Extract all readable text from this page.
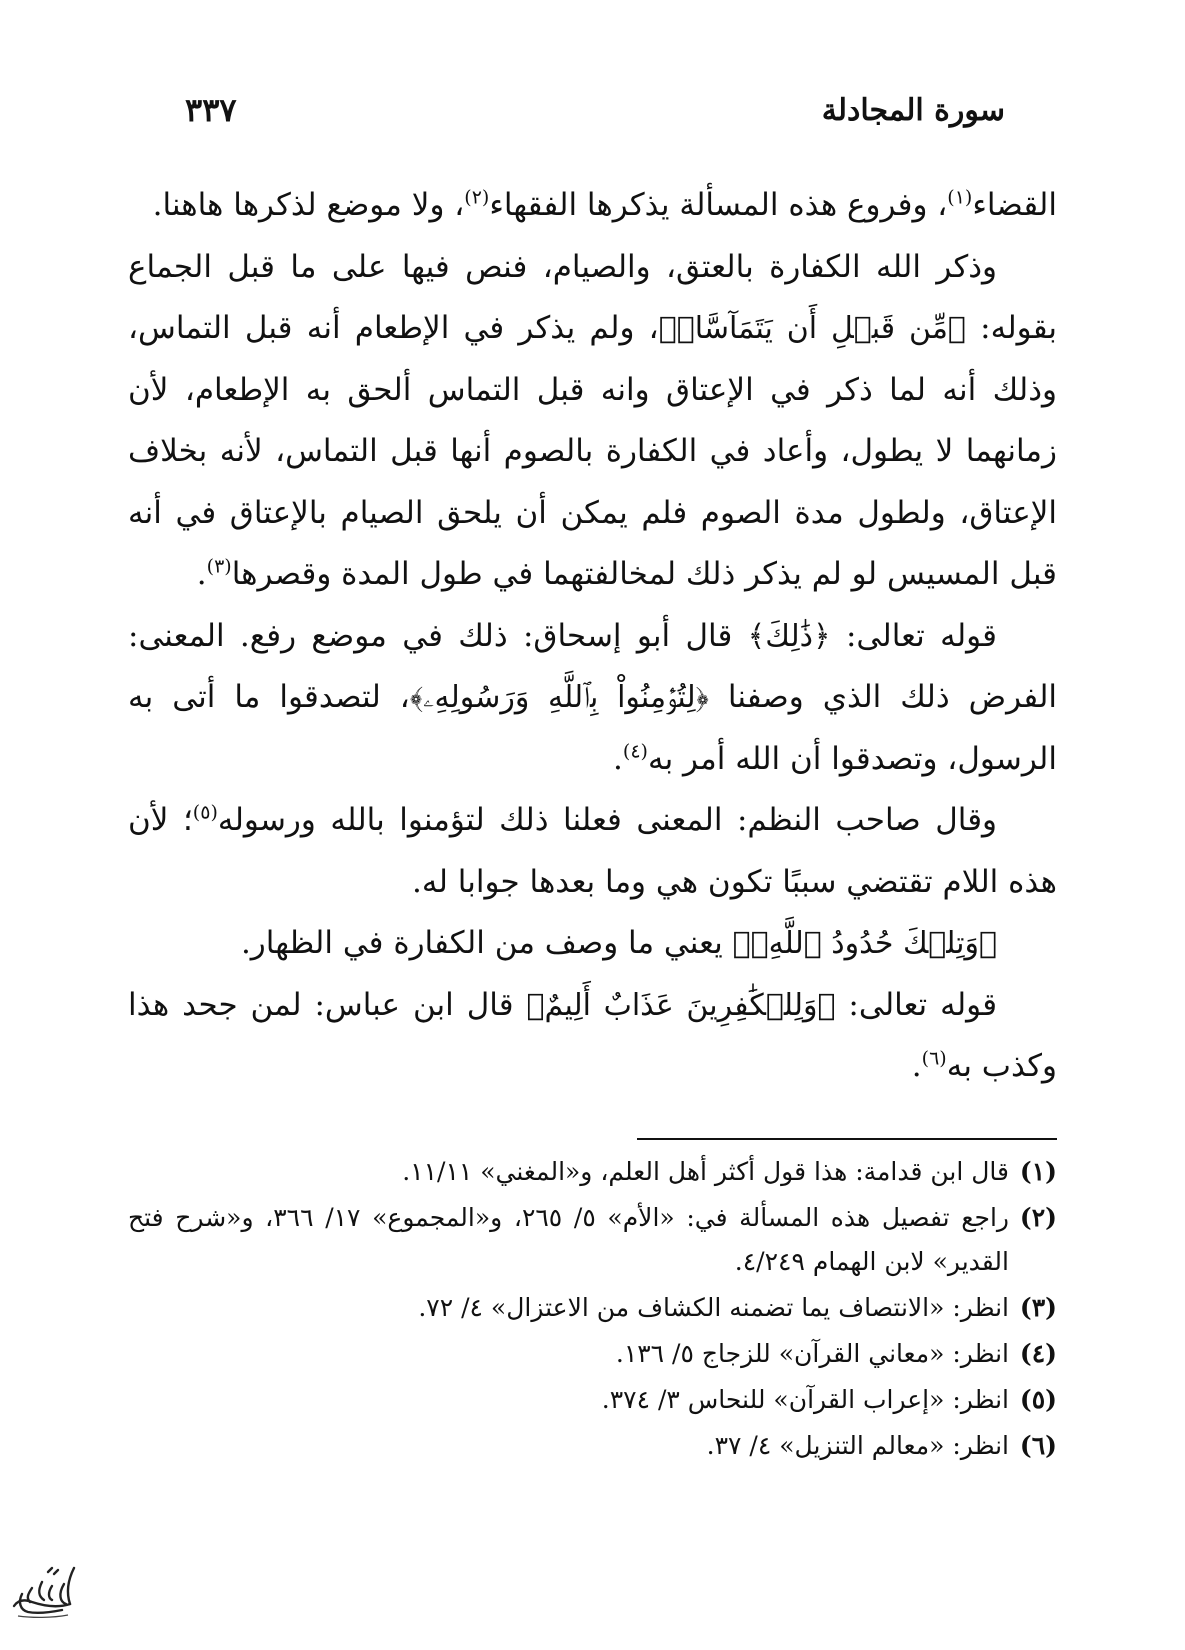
سورة المجادلة
٣٣٧

القضاء$^{(١)}$، وفروع هذه المسألة يذكرها الفقهاء$^{(٢)}$، ولا موضع لذكرها هاهنا.

وذكر الله الكفارة بالعتق، والصيام، فنص فيها على ما قبل الجماع بقوله: ﴿مِّن قَبۡلِ أَن يَتَمَآسَّاۚ﴾، ولم يذكر في الإطعام أنه قبل التماس، وذلك أنه لما ذكر في الإعتاق وانه قبل التماس ألحق به الإطعام، لأن زمانهما لا يطول، وأعاد في الكفارة بالصوم أنها قبل التماس، لأنه بخلاف الإعتاق، ولطول مدة الصوم فلم يمكن أن يلحق الصيام بالإعتاق في أنه قبل المسيس لو لم يذكر ذلك لمخالفتهما في طول المدة وقصرها$^{(٣)}$.

قوله تعالى: ﴿ذَٰلِكَ﴾ قال أبو إسحاق: ذلك في موضع رفع. المعنى: الفرض ذلك الذي وصفنا ﴿لِتُؤۡمِنُواْ بِٱللَّهِ وَرَسُولِهِۦ﴾، لتصدقوا ما أتى به الرسول، وتصدقوا أن الله أمر به$^{(٤)}$.

وقال صاحب النظم: المعنى فعلنا ذلك لتؤمنوا بالله ورسوله$^{(٥)}$؛ لأن هذه اللام تقتضي سببًا تكون هي وما بعدها جوابا له.

﴿وَتِلۡكَ حُدُودُ ٱللَّهِۗ﴾ يعني ما وصف من الكفارة في الظهار.

قوله تعالى: ﴿وَلِلۡكَٰفِرِينَ عَذَابٌ أَلِيمٌ﴾ قال ابن عباس: لمن جحد هذا وكذب به$^{(٦)}$.

(١)
قال ابن قدامة: هذا قول أكثر أهل العلم، و«المغني» ١١/١١.
(٢)
راجع تفصيل هذه المسألة في: «الأم» ٥/ ٢٦٥، و«المجموع» ١٧/ ٣٦٦، و«شرح فتح القدير» لابن الهمام ٤/٢٤٩.
(٣)
انظر: «الانتصاف يما تضمنه الكشاف من الاعتزال» ٤/ ٧٢.
(٤)
انظر: «معاني القرآن» للزجاج ٥/ ١٣٦.
(٥)
انظر: «إعراب القرآن» للنحاس ٣/ ٣٧٤.
(٦)
انظر: «معالم التنزيل» ٤/ ٣٧.
